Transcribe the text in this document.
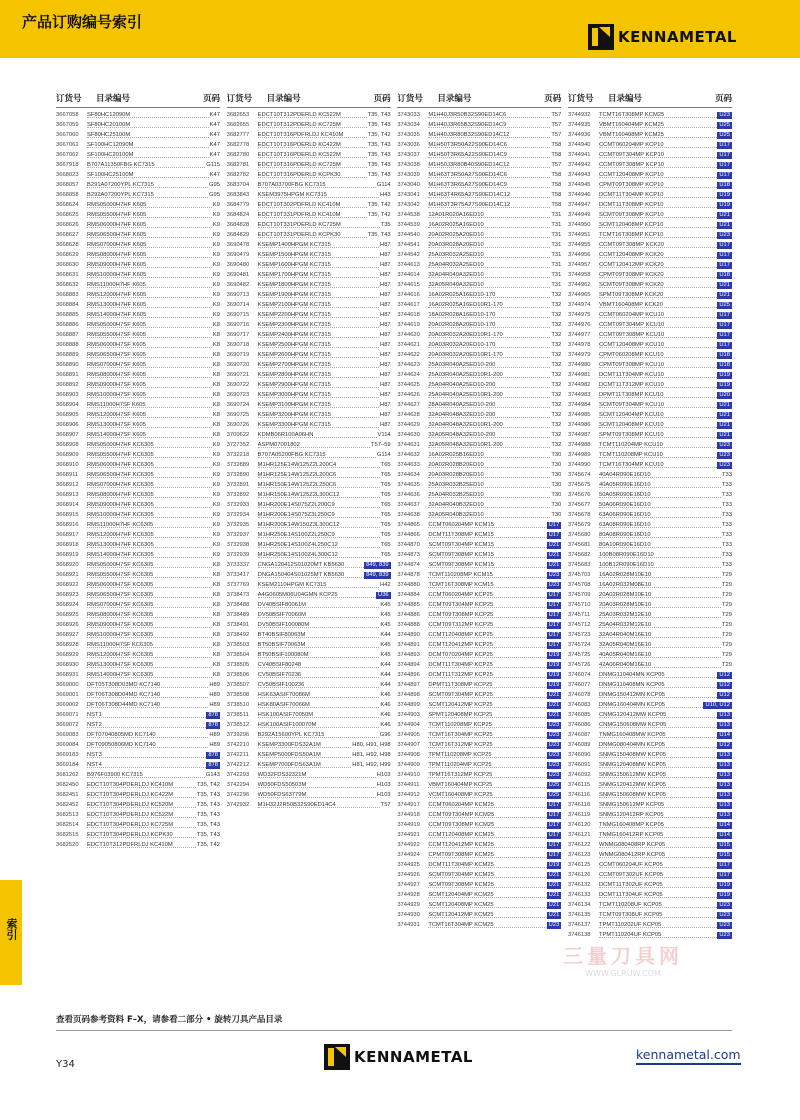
产品订购编号索引
KENNAMETAL
索引
订货号	目录编号	页码
3667058	SF80HC12090M	K47
3667059	SF80HC20100M	K47
3667060	SF80HC25100M	K47
3667061	SF100HC12090M	K47
3667062	SF100HC20100M	K47
3667918	B707A11350FBG KC7315	G115
3668023	SF100HC25100M	K47
3668057	B291A07200YPL KC7315	G95
3668058	B292A07200YPL KC7315	G95
3668624	RMS05000H7HF K605	K9
3668625	RMS05500H7HF K605	K9
3668626	RMS06000H7HF K605	K9
3668627	RMS06500H7HF K605	K9
3668628	RMS07000H7HF K605	K9
3668629	RMS08000H7HF K605	K9
3668630	RMS09000H7HF K605	K9
3668631	RMS10000H7HF K605	K9
3668632	RMS11000H7HF K605	K9
3668883	RMS12000H7HF K605	K9
3668884	RMS13000H7HF K605	K9
3668885	RMS14000H7HF K605	K9
3668886	RMS05000H7SF K605	K8
3668887	RMS05500H7SF K605	K8
3668888	RMS06000H7SF K605	K8
3668889	RMS06500H7SF K605	K8
3668890	RMS07000H7SF K605	K8
3668891	RMS08000H7SF K605	K8
3668892	RMS09000H7SF K605	K8
3668903	RMS10000H7SF K605	K8
3668904	RMS11000H7SF K605	K8
3668905	RMS12000H7SF K605	K8
3668906	RMS13000H7SF K605	K8
3668907	RMS14000H7SF K605	K8
3668908	RMS05000H7HF KC6305	K9
3668909	RMS05500H7HF KC6305	K9
3668910	RMS06000H7HF KC6305	K9
3668911	RMS06500H7HF KC6305	K9
3668912	RMS07000H7HF KC6305	K9
3668913	RMS08000H7HF KC6305	K9
3668914	RMS09000H7HF KC6305	K9
3668915	RMS10000H7HF KC6305	K9
3668916	RMS11000H7HF KC6305	K9
3668917	RMS12000H7HF KC6305	K9
3668918	RMS13000H7HF KC6305	K9
3668919	RMS14000H7HF KC6305	K9
3668920	RMS05000H7SF KC6305	K8
3668921	RMS05500H7SF KC6305	K8
3668922	RMS06000H7SF KC6305	K8
3668923	RMS06500H7SF KC6305	K8
3668924	RMS07000H7SF KC6305	K8
3668925	RMS08000H7SF KC6305	K8
3668926	RMS09000H7SF KC6305	K8
3668927	RMS10000H7SF KC6305	K8
3668928	RMS11000H7SF KC6305	K8
3668929	RMS12000H7SF KC6305	K8
3668930	RMS13000H7SF KC6305	K8
3668931	RMS14000H7SF KC6305	K8
3669000	DFT05T308D03MD KC7140	H89
3669001	DFT06T308D04MD KC7140	H89
3669002	DFT06T308D44MD KC7140	H89
3669071	NST1	878
3669072	NST2	878
3669083	DFT07040805MD KC7140	H89
3669084	DFT09050806MD KC7140	H89
3669183	NST3	878
3669184	NST4	878
3681262	B976F03900 KC7315	G143
3682450	EDCT10T304PDERLDJ KC410M	T35, T42
3682451	EDCT10T304PDERLDJ KC422M	T35, T43
3682452	EDCT10T304PDERLDJ KC520M	T35, T43
3682513	EDCT10T304PDERLDJ KC522M	T35, T43
3682514	EDCT10T304PDERLDJ KC725M	T35, T43
3682515	EDCT10T304PDERLDJ KCPK30	T35, T43
3682520	EDCT10T312PDFRLDJ KC410M	T35, T42
订货号	目录编号	页码
3682653	EDCT10T312PDERLD KC522M	T35, T43
3682655	EDCT10T312PDERLD KC725M	T35, T43
3682777	EDCT10T316PDFRLDJ KC410M	T35, T42
3682778	EDCT10T316PDERLD KC422M	T35, T43
3682780	EDCT10T316PDERLD KC522M	T35, T43
3682781	EDCT10T316PDERLD KC725M	T35, T43
3682782	EDCT10T316PDERLD KCPK30	T35, T43
3683704	B707A03700FBG KC7315	G114
3683843	KSEM3975HPGM KC7315	H43
3684779	EDCT10T302PDFRLD KC410M	T35, T42
3684824	EDCT10T331PDFRLD KC410M	T35, T42
3684828	EDCT10T331PDERLD KC725M	T35
3684829	EDCT10T331PDERLD KCPK30	T35, T43
3690478	KSEMP1400HPGM KC7315	H87
3690479	KSEMP1500HPGM KC7315	H87
3690480	KSEMP1600HPGM KC7315	H87
3690481	KSEMP1700HPGM KC7315	H87
3690482	KSEMP1800HPGM KC7315	H87
3690713	KSEMP1900HPGM KC7315	H87
3690714	KSEMP2100HPGM KC7315	H87
3690715	KSEMP2200HPGM KC7315	H87
3690716	KSEMP2300HPGM KC7315	H87
3690717	KSEMP2400HPGM KC7315	H87
3690718	KSEMP2500HPGM KC7315	H87
3690719	KSEMP2600HPGM KC7315	H87
3690720	KSEMP2700HPGM KC7315	H87
3690721	KSEMP2800HPGM KC7315	H87
3690722	KSEMP2900HPGM KC7315	H87
3690723	KSEMP3000HPGM KC7315	H87
3690724	KSEMP3100HPGM KC7315	H87
3690725	KSEMP3200HPGM KC7315	H87
3690726	KSEMP3300HPGM KC7315	H87
3700622	KDMB06R100A06HN	V114
3727352	ASPM07001802	T57–59
3732218	B707A05200FBG KC7315	G114
3732889	M1HR125E14W125Z2L200C4	T65
3732890	M1HR125E14W125Z2L200C6	T65
3732891	M1HR150E14W125Z2L250C6	T65
3732892	M1HR150E14W125Z2L300C12	T65
3732933	M1HR200E14S075Z2L200C9	T65
3732934	M1HR200E14S075Z3L250C9	T65
3732935	M1HR200E14W150Z3L300C12	T65
3732937	M1HR250E14S100Z2L250C9	T65
3732938	M1HR250E14S100Z4L250C12	T65
3732939	M1HR250E14S100Z4L300C12	T65
3733337	CNGA120412S01020MT KB5630	849, 839
3733417	DNGA150404S01025MT KB5630	849, 839
3737769	KSEM2110HPGM KC7315	H42
3738473	A4G0605M06U04GMN KCP25	U36
3738488	DV40BSIF80061M	K45
3738489	DV50BSIF70060M	K45
3738491	DV50BSIF100080M	K45
3738492	BT40BSIF80063M	K44
3738503	BT50BSIF70063M	K45
3738504	BT50BSIF100080M	K45
3738505	CV40BSIF80248	K44
3738506	CV50BSIF70236	K44
3738507	CV50BSIF100236	K44
3738508	HSK63ASIF70086M	K46
3738510	HSK80ASIF70066M	K46
3738511	HSK100ASIF70050M	K46
3738512	HSK100ASIF100070M	K46
3739296	B292A15600YPL KC7315	G96
3742210	KSEMP3300FDS32A1M	H80, H91, H98
3742211	KSEMP5000FDS50A1M	H81, H92, H98
3742212	KSEMP7000FDS63A1M	H81, H92, H99
3742293	WD32FDS32321M	H103
3742294	WD50FDS50503M	H103
3742296	WD50FDS63779M	H103
3742932	M1H32J2R50B32S90ED14C4	T57
订货号	目录编号	页码
3743033	M1H40J3R50B32S90ED14C6	T57
3743034	M1H40J3R65B32S90ED14C9	T57
3743035	M1H40J3R80B32S90ED14C12	T57
3743036	M1H50T3R50A22S90ED14C6	T58
3743037	M1H50T3R65A22S90ED14C9	T58
3743038	M1H50J3R80B40S90ED14C12	T57
3743039	M1H63T3R50A27S90ED14C6	T58
3743040	M1H63T3R65A27S90ED14C9	T58
3743041	M1H63T4R65A27S90ED14C12	T58
3743042	M1H63T3R75A27S90ED14C12	T58
3744538	12A01R020A16ED10	T31
3744539	16A02R025A16ED10	T31
3744540	20A02R025A20ED10	T31
3744541	20A03R028A20ED10	T31
3744542	25A03R032A25ED10	T31
3744613	25A04R032A25ED10	T31
3744614	32A04R040A32ED10	T31
3744615	32A05R040A32ED10	T31
3744616	16A02R025A16ED10-170	T32
3744617	16A02R025A16ED10R1-170	T32
3744618	18A02R028A16ED10-170	T32
3744619	20A02R028A20ED10-170	T32
3744620	20A03R032A20ED10R1-170	T32
3744621	20A03R032A20ED10-170	T32
3744622	20A03R032A20ED10R1-170	T32
3744623	25A03R040A25ED10-200	T32
3744624	25A03R040A25ED10R1-200	T32
3744625	25A04R040A25ED10-200	T32
3744626	25A04R040A25ED10R1-200	T32
3744627	28A04R040A25ED10-200	T32
3744628	32A04R048A32ED10-200	T32
3744629	32A04R048A32ED10R1-200	T32
3744630	32A05R048A32ED10-200	T32
3744631	32A05R048A32ED10R1-200	T32
3744632	16A02R025B16ED10	T30
3744633	20A02R028B20ED10	T30
3744634	20A03R028B20ED10	T30
3744635	25A03R032B25ED10	T30
3744636	25A04R032B25ED10	T30
3744637	32A04R040B32ED10	T30
3744638	32A05R040B32ED10	T30
3744865	CCMT060204MP KCM15	U17
3744866	DCMT11T308MP KCM15	U17
3744870	SCMT09T304MP KCM15	U21
3744873	SCMT09T308MP KCM15	U21
3744874	SCMT09T308MP KCM15	U21
3744878	TCMT110208MP KCM15	U23
3744880	TCMT16T308MP KCM15	U23
3744884	CCMT060204MP KCP25	U17
3744885	CCMT09T304MP KCP25	U17
3744886	CCMT09T308MP KCP25	U17
3744888	CCMT09T312MP KCP25	U17
3744890	CCMT120408MP KCP25	U17
3744891	CCMT120412MP KCP25	U17
3744893	DCMT070204MP KCP25	U19
3744894	DCMT11T304MP KCP25	U19
3744896	DCMT11T312MP KCP25	U19
3744897	DPMT11T308MP KCP25	U19
3744898	SCMT09T304MP KCP25	U21
3744899	SCMT120412MP KCP25	U21
3744903	SPMT120408MP KCP25	U21
3744904	TCMT110208MP KCP25	U23
3744905	TCMT16T304MP KCP25	U23
3744907	TCMT16T312MP KCP25	U23
3744908	TPMT110208MP KCP25	U23
3744909	TPMT110204MP KCP25	U23
3744910	TPMT16T312MP KCP25	U23
3744911	VBMT160404MP KCP25	U25
3744912	VCMT160408MP KCP25	U25
3744917	CCMT060204MP KCM25	U17
3744918	CCMT09T304MP KCM25	U17
3744919	CCMT09T308MP KCM25	U17
3744921	CCMT120408MP KCM25	U17
3744922	CCMT120412MP KCM25	U17
3744924	CPMT09T308MP KCM25	U17
3744925	DCMT11T304MP KCM25	U19
3744926	SCMT09T304MP KCM25	U21
3744927	SCMT09T308MP KCM25	U21
3744928	SCMT120404MP KCM25	U21
3744929	SCMT120408MP KCM25	U21
3744930	SCMT120412MP KCM25	U21
3744931	TCMT16T304MP KCM25	U23
订货号	目录编号	页码
3744932	TCMT16T308MP KCM25	U23
3744935	VBMT160404MP KCM25	U25
3744936	VBMT160408MP KCM25	U25
3744940	CCMT060204MP KCP10	U17
3744941	CCMT09T304MP KCP10	U17
3744942	CCMT09T308MP KCP10	U17
3744943	CCMT120408MP KCP10	U17
3744945	CPMT09T308MP KCP10	U18
3744946	DCMT11T304MP KCP10	U19
3744947	DCMT11T308MP KCP10	U19
3744949	SCMT09T308MP KCP10	U21
3744950	SCMT120408MP KCP10	U21
3744951	TCMT16T308MP KCP10	U23
3744955	CCMT09T308MP KCK20	U17
3744956	CCMT120408MP KCK20	U17
3744957	CCMT120412MP KCK20	U17
3744958	CPMT09T308MP KCK20	U18
3744962	SCMT09T308MP KCK20	U21
3744965	SPMT09T308MP KCK20	U21
3744974	VBMT160408MP KCK20	U25
3744975	CCMT060204MP KCU10	U17
3744976	CCMT09T304MP KCU10	U17
3744977	CCMT09T308MP KCU10	U17
3744978	CCMT120408MP KCU10	U17
3744979	CPMT060208MP KCU10	U18
3744980	CPMT09T308MP KCU10	U18
3744981	DCMT11T304MP KCU10	U19
3744982	DCMT11T312MP KCU10	U19
3744983	DPMT11T308MP KCU10	U20
3744984	SCMT09T304MP KCU10	U21
3744985	SCMT120404MP KCU10	U21
3744986	SCMT120408MP KCU10	U21
3744987	SPMT09T308MP KCU10	U21
3744988	TCMT110204MP KCU10	U23
3744989	TCMT110208MP KCU10	U23
3744990	TCMT16T304MP KCU10	U23
3745674	40A04R090E16D10	T33
3745675	40A05R090E16D10	T33
3745676	50A05R090E16D10	T33
3745677	50A06R090E16D10	T33
3745678	63A06R090E16D10	T33
3745679	63A08R090E16D10	T33
3745680	80A08R090E16D10	T33
3745681	80A10R090E16D10	T33
3745682	100B08R090E16D10	T33
3745683	100B12R090E16D10	T33
3745703	16A02R028M10E10	T29
3745708	16A02R032M08E10	T29
3745709	20A02R028M10E10	T29
3745710	20A03R028M10E10	T29
3745711	25A03R032M12E10	T29
3745712	25A04R032M12E10	T29
3745723	32A04R040M16E10	T29
3745724	32A05R040M16E10	T29
3745725	40A05R040M16E10	T29
3745726	42A06R040M16E10	T29
3746074	DNMG110404MN KCP05	U12
3746077	DNMG110408MN KCP05	U12
3746078	DNMG150412MN KCP05	U12
3746083	DNMG160404MN KCP05	U10, U12
3746085	CNMG120412MW KCP05	U13
3746086	CNMG150608MW KCP05	U13
3746087	TNMG160408MW KCP05	U14
3746089	DNMG080404MN KCP05	U12
3746090	SNMG150408MW KCP05	U13
3746091	SNMG120408MW KCP05	U13
3746092	SNMG150612MW KCP05	U13
3746115	SNMG120412MW KCP05	U13
3746116	SNMG150608MW KCP05	U13
3746118	SNMG150612MP KCP05	U13
3746119	SNMG120412RP KCP05	U13
3746120	TNMG160408MP KCP05	U14
3746121	TNMG160412RP KCP05	U14
3746122	WNMG080408RP KCP05	U15
3746123	WNMG080412RP KCP05	U15
3746125	CCMT060204UF KCP05	U17
3746126	CCMT09T302UF KCP05	U17
3746132	DCMT11T302UF KCP05	U19
3746133	DCMT11T304UF KCP05	U19
3746134	TCMT110208UF KCP05	U23
3746135	TCMT09T308UF KCP05	U23
3746137	TPMT110202UF KCP05	U23
3746138	TPMT110204UF KCP05	U23
查看页码参考资料 F–X，请参看二部分 • 旋转刀具产品目录
Y34	KENNAMETAL	kennametal.com
三量刀具网
WWW.GLRUW.COM
